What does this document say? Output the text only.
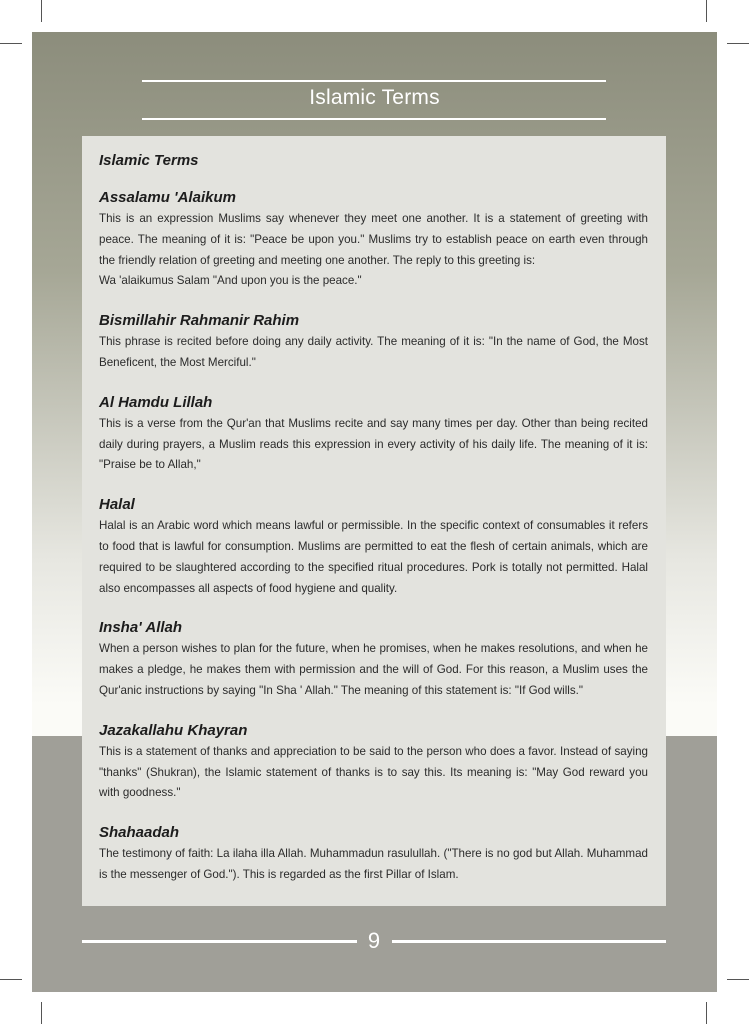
Islamic Terms
Islamic Terms
Assalamu 'Alaikum

This is an expression Muslims say whenever they meet one another. It is a statement of greeting with peace. The meaning of it is: "Peace be upon you." Muslims try to establish peace on earth even through the friendly relation of greeting and meeting one another. The reply to this greeting is:

Wa 'alaikumus Salam "And upon you is the peace."

Bismillahir Rahmanir Rahim

This phrase is recited before doing any daily activity. The meaning of it is: "In the name of God, the Most Beneficent, the Most Merciful."

Al Hamdu Lillah

This is a verse from the Qur'an that Muslims recite and say many times per day. Other than being recited daily during prayers, a Muslim reads this expression in every activity of his daily life. The meaning of it is: "Praise be to Allah,"

Halal

Halal is an Arabic word which means lawful or permissible. In the specific context of consumables it refers to food that is lawful for consumption. Muslims are permitted to eat the flesh of certain animals, which are required to be slaughtered according to the specified ritual procedures. Pork is totally not permitted. Halal also encompasses all aspects of food hygiene and quality.

Insha' Allah

When a person wishes to plan for the future, when he promises, when he makes resolutions, and when he makes a pledge, he makes them with permission and the will of God. For this reason, a Muslim uses the Qur'anic instructions by saying "In Sha ' Allah." The meaning of this statement is: "If God wills."

Jazakallahu Khayran

This is a statement of thanks and appreciation to be said to the person who does a favor. Instead of saying "thanks" (Shukran), the Islamic statement of thanks is to say this. Its meaning is: "May God reward you with goodness."

Shahaadah

The testimony of faith: La ilaha illa Allah. Muhammadun rasulullah. ("There is no god but Allah. Muhammad is the messenger of God."). This is regarded as the first Pillar of Islam.

9
